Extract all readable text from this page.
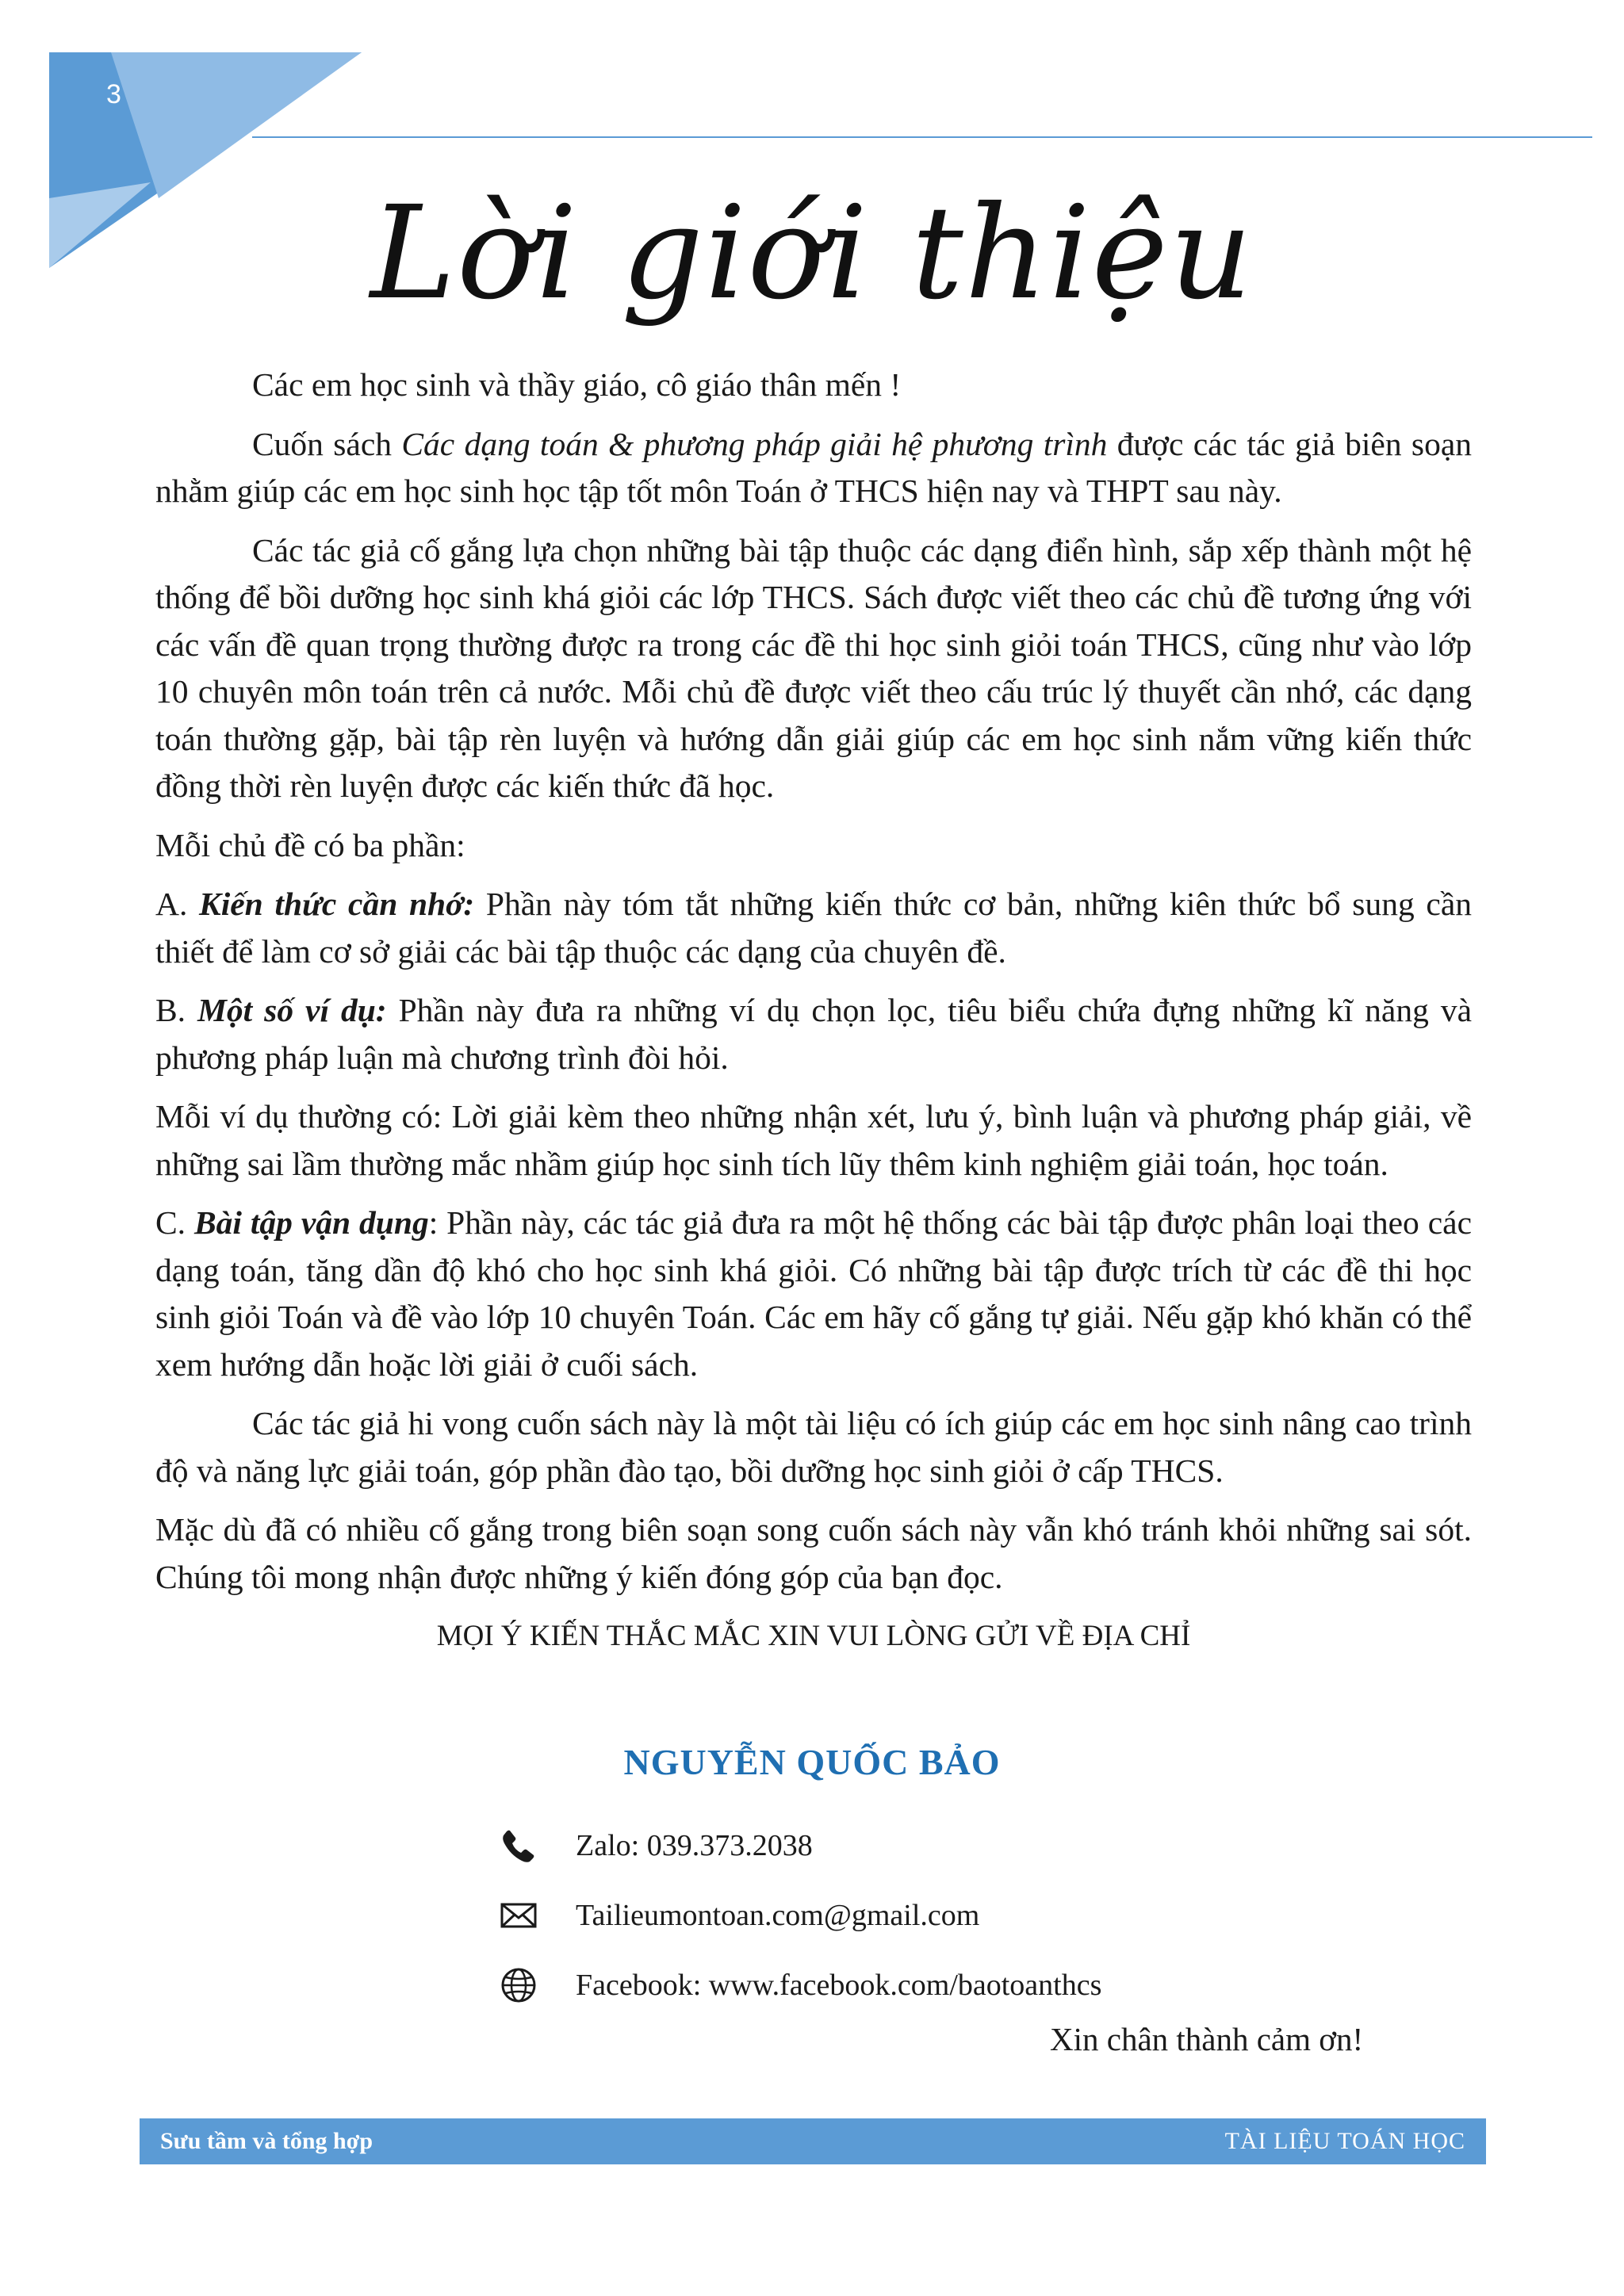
3
Lời giới thiệu

Các em học sinh và thầy giáo, cô giáo thân mến !

Cuốn sách Các dạng toán & phương pháp giải hệ phương trình được các tác giả biên soạn nhằm giúp các em học sinh học tập tốt môn Toán ở THCS hiện nay và THPT sau này.

Các tác giả cố gắng lựa chọn những bài tập thuộc các dạng điển hình, sắp xếp thành một hệ thống để bồi dưỡng học sinh khá giỏi các lớp THCS. Sách được viết theo các chủ đề tương ứng với các vấn đề quan trọng thường được ra trong các đề thi học sinh giỏi toán THCS, cũng như vào lớp 10 chuyên môn toán trên cả nước. Mỗi chủ đề được viết theo cấu trúc lý thuyết cần nhớ, các dạng toán thường gặp, bài tập rèn luyện và hướng dẫn giải giúp các em học sinh nắm vững kiến thức đồng thời rèn luyện được các kiến thức đã học.

Mỗi chủ đề có ba phần:

A. Kiến thức cần nhớ: Phần này tóm tắt những kiến thức cơ bản, những kiên thức bổ sung cần thiết để làm cơ sở giải các bài tập thuộc các dạng của chuyên đề.

B. Một số ví dụ: Phần này đưa ra những ví dụ chọn lọc, tiêu biểu chứa đựng những kĩ năng và phương pháp luận mà chương trình đòi hỏi.

Mỗi ví dụ thường có: Lời giải kèm theo những nhận xét, lưu ý, bình luận và phương pháp giải, về những sai lầm thường mắc nhầm giúp học sinh tích lũy thêm kinh nghiệm giải toán, học toán.

C. Bài tập vận dụng: Phần này, các tác giả đưa ra một hệ thống các bài tập được phân loại theo các dạng toán, tăng dần độ khó cho học sinh khá giỏi. Có những bài tập được trích từ các đề thi học sinh giỏi Toán và đề vào lớp 10 chuyên Toán. Các em hãy cố gắng tự giải. Nếu gặp khó khăn có thể xem hướng dẫn hoặc lời giải ở cuối sách.

Các tác giả hi vong cuốn sách này là một tài liệu có ích giúp các em học sinh nâng cao trình độ và năng lực giải toán, góp phần đào tạo, bồi dưỡng học sinh giỏi ở cấp THCS.

Mặc dù đã có nhiều cố gắng trong biên soạn song cuốn sách này vẫn khó tránh khỏi những sai sót. Chúng tôi mong nhận được những ý kiến đóng góp của bạn đọc.

MỌI Ý KIẾN THẮC MẮC XIN VUI LÒNG GỬI VỀ ĐỊA CHỈ

NGUYỄN QUỐC BẢO
Zalo: 039.373.2038
Tailieumontoan.com@gmail.com
Facebook: www.facebook.com/baotoanthcs
Xin chân thành cảm ơn!
Sưu tầm và tổng hợp	TÀI LIỆU TOÁN HỌC
